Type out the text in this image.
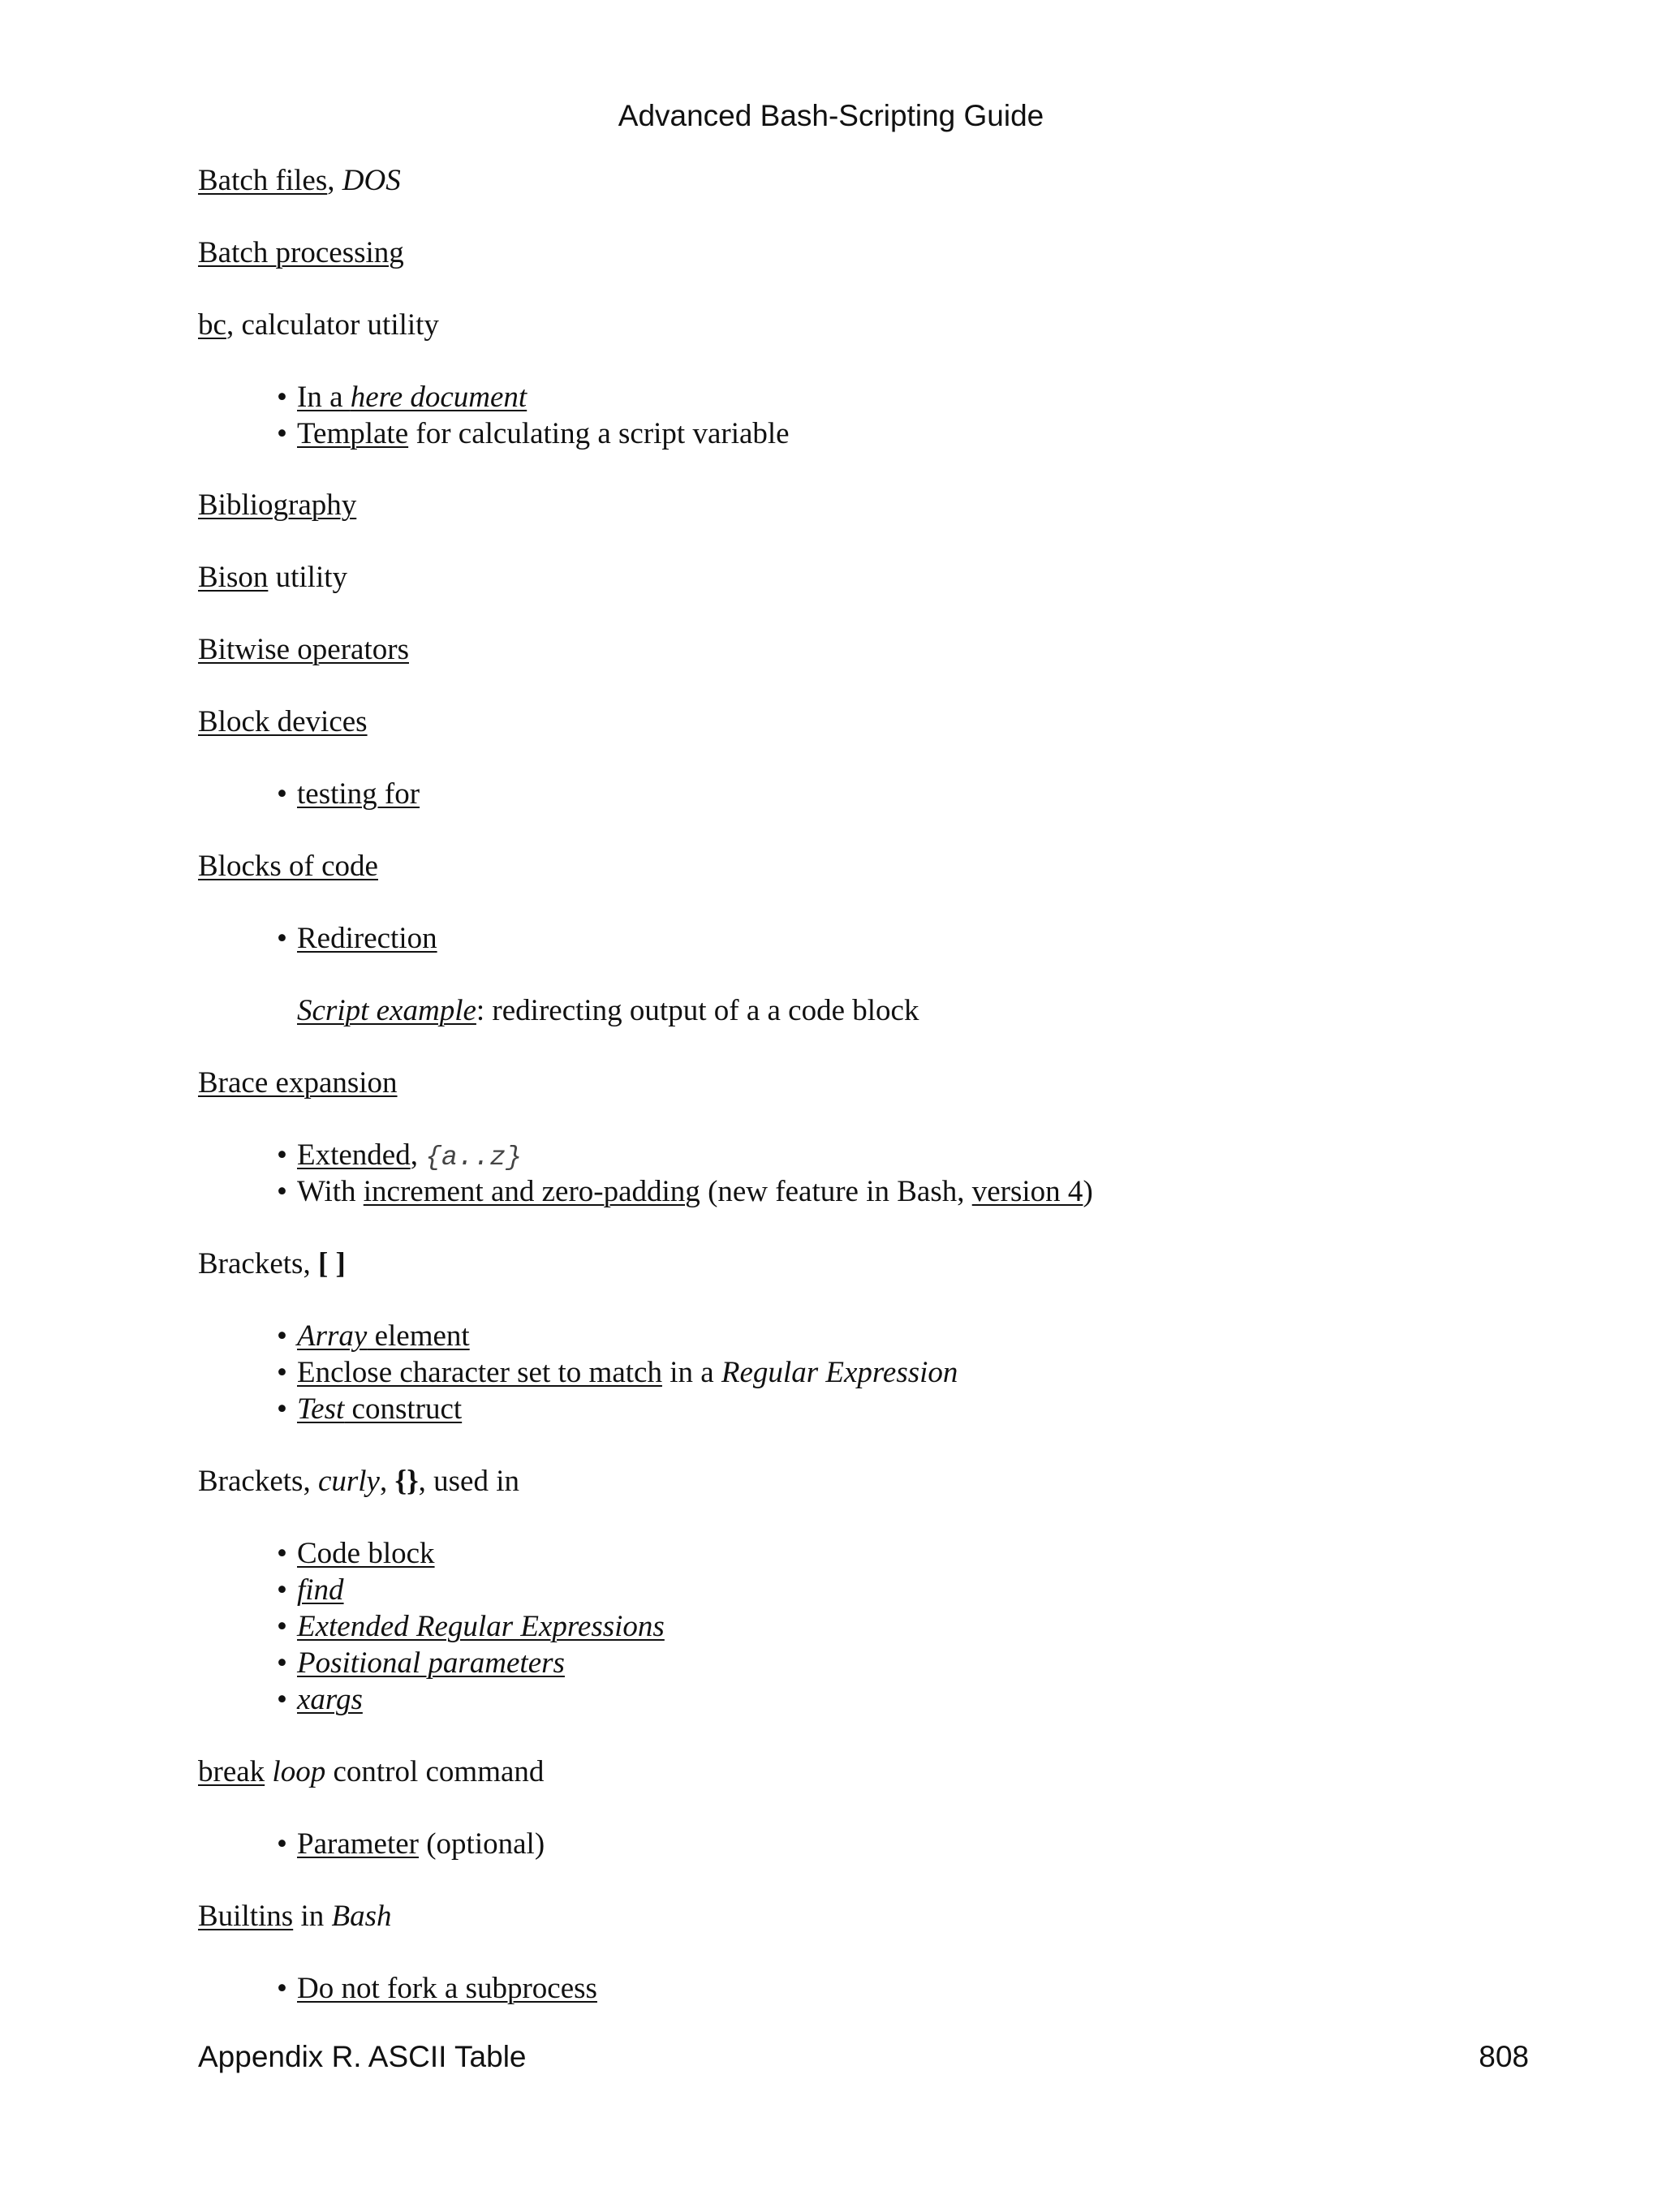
Advanced Bash-Scripting Guide
Batch files, DOS
Batch processing
bc, calculator utility
• In a here document
• Template for calculating a script variable
Bibliography
Bison utility
Bitwise operators
Block devices
• testing for
Blocks of code
• Redirection
Script example: redirecting output of a a code block
Brace expansion
• Extended, {a..z}
• With increment and zero-padding (new feature in Bash, version 4)
Brackets, [ ]
• Array element
• Enclose character set to match in a Regular Expression
• Test construct
Brackets, curly, {}, used in
• Code block
• find
• Extended Regular Expressions
• Positional parameters
• xargs
break loop control command
• Parameter (optional)
Builtins in Bash
• Do not fork a subprocess
Appendix R. ASCII Table	808
